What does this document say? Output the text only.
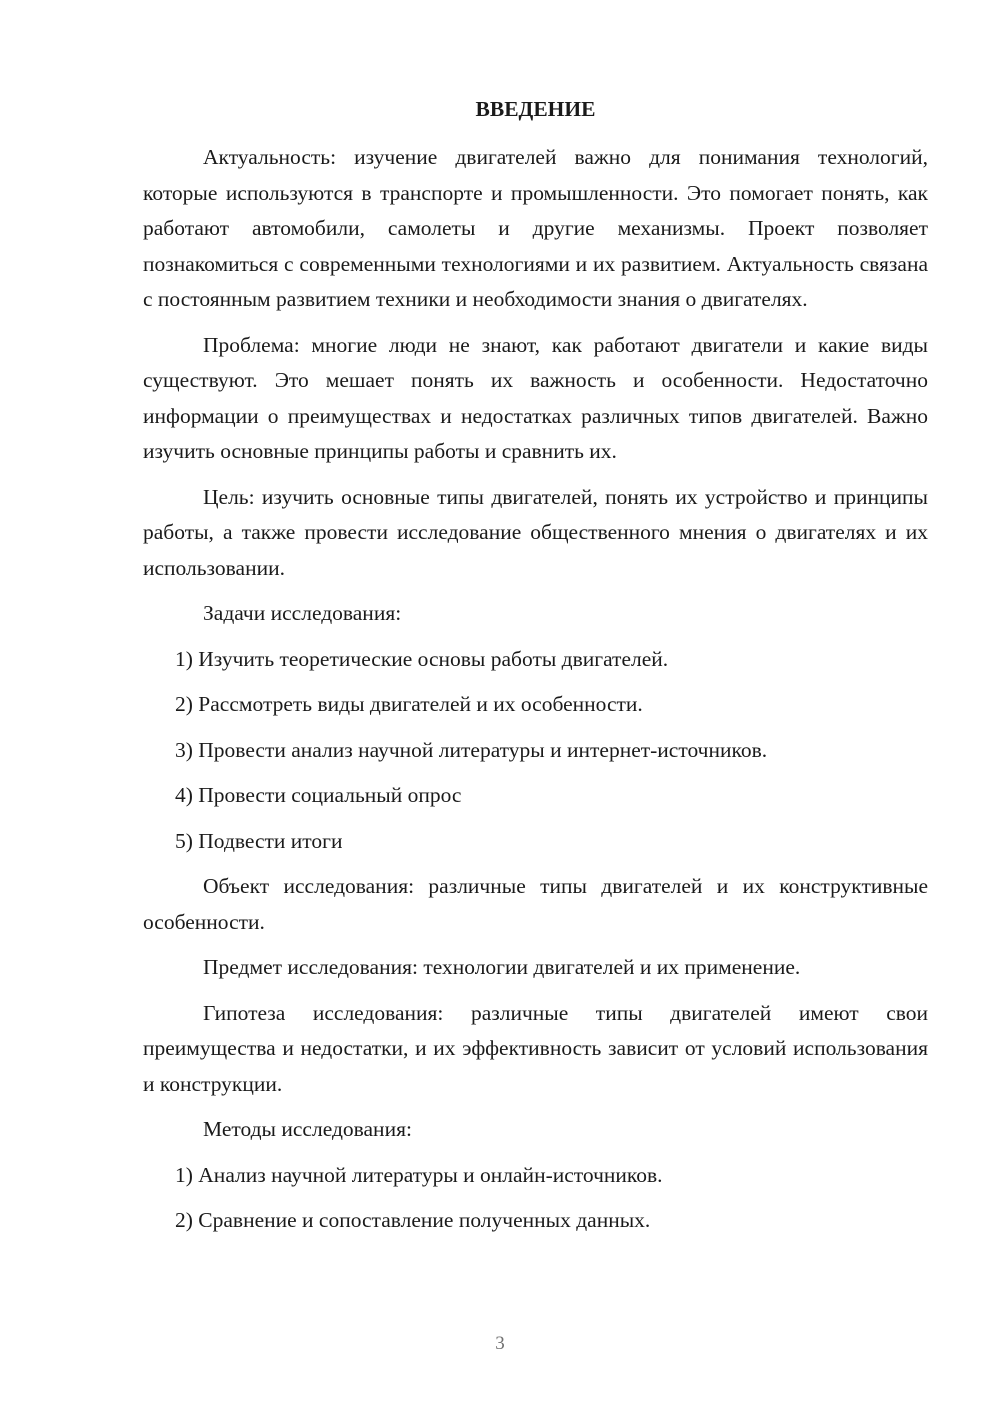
ВВЕДЕНИЕ

Актуальность: изучение двигателей важно для понимания технологий, которые используются в транспорте и промышленности. Это помогает понять, как работают автомобили, самолеты и другие механизмы. Проект позволяет познакомиться с современными технологиями и их развитием. Актуальность связана с постоянным развитием техники и необходимости знания о двигателях.

Проблема: многие люди не знают, как работают двигатели и какие виды существуют. Это мешает понять их важность и особенности. Недостаточно информации о преимуществах и недостатках различных типов двигателей. Важно изучить основные принципы работы и сравнить их.

Цель: изучить основные типы двигателей, понять их устройство и принципы работы, а также провести исследование общественного мнения о двигателях и их использовании.

Задачи исследования:

1) Изучить теоретические основы работы двигателей.
2) Рассмотреть виды двигателей и их особенности.
3) Провести анализ научной литературы и интернет-источников.
4) Провести социальный опрос
5) Подвести итоги

Объект исследования: различные типы двигателей и их конструктивные особенности.

Предмет исследования: технологии двигателей и их применение.

Гипотеза исследования: различные типы двигателей имеют свои преимущества и недостатки, и их эффективность зависит от условий использования и конструкции.

Методы исследования:

1) Анализ научной литературы и онлайн-источников.
2) Сравнение и сопоставление полученных данных.
3
